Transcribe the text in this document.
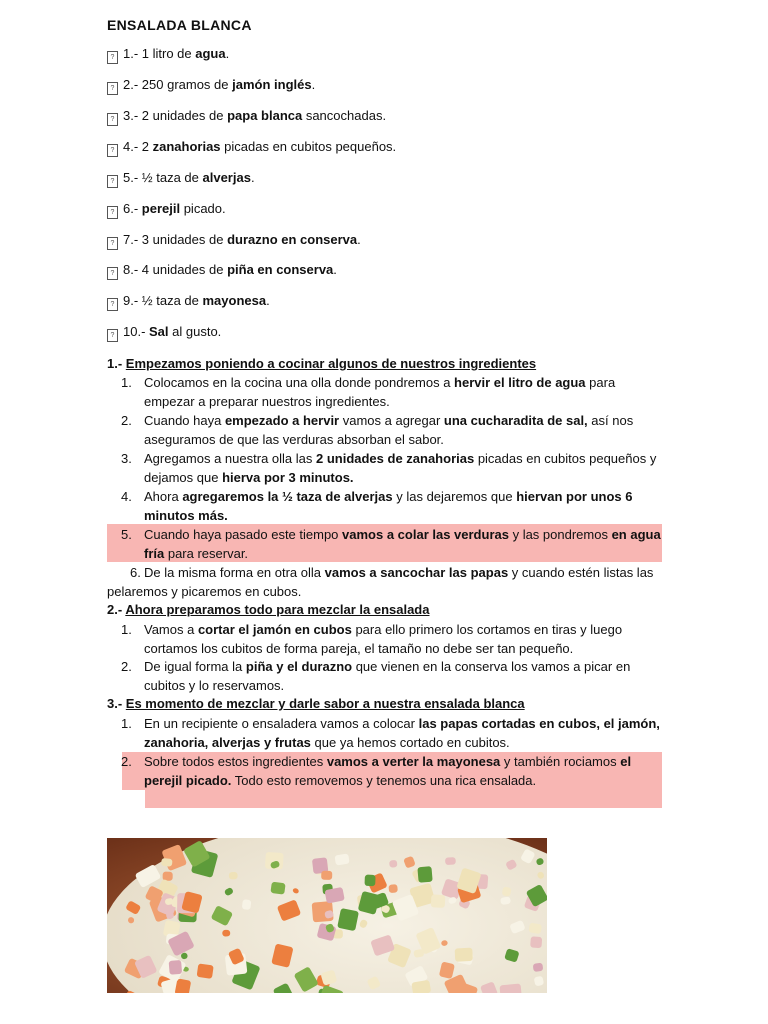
ENSALADA BLANCA
? 1.- 1 litro de agua.
? 2.- 250 gramos de jamón inglés.
? 3.- 2 unidades de papa blanca sancochadas.
? 4.- 2 zanahorias picadas en cubitos pequeños.
? 5.- ½ taza de alverjas.
? 6.- perejil picado.
? 7.- 3 unidades de durazno en conserva.
? 8.- 4 unidades de piña en conserva.
? 9.- ½ taza de mayonesa.
? 10.- Sal al gusto.
1.- Empezamos poniendo a cocinar algunos de nuestros ingredientes
1. Colocamos en la cocina una olla donde pondremos a hervir el litro de agua para empezar a preparar nuestros ingredientes.
2. Cuando haya empezado a hervir vamos a agregar una cucharadita de sal, así nos aseguramos de que las verduras absorban el sabor.
3. Agregamos a nuestra olla las 2 unidades de zanahorias picadas en cubitos pequeños y dejamos que hierva por 3 minutos.
4. Ahora agregaremos la ½ taza de alverjas y las dejaremos que hiervan por unos 6 minutos más.
5. Cuando haya pasado este tiempo vamos a colar las verduras y las pondremos en agua fría para reservar.
6. De la misma forma en otra olla vamos a sancochar las papas y cuando estén listas las pelaremos y picaremos en cubos.
2.- Ahora preparamos todo para mezclar la ensalada
1. Vamos a cortar el jamón en cubos para ello primero los cortamos en tiras y luego cortamos los cubitos de forma pareja, el tamaño no debe ser tan pequeño.
2. De igual forma la piña y el durazno que vienen en la conserva los vamos a picar en cubitos y lo reservamos.
3.- Es momento de mezclar y darle sabor a nuestra ensalada blanca
1. En un recipiente o ensaladera vamos a colocar las papas cortadas en cubos, el jamón, zanahoria, alverjas y frutas que ya hemos cortado en cubitos.
2. Sobre todos estos ingredientes vamos a verter la mayonesa y también rociamos el perejil picado. Todo esto removemos y tenemos una rica ensalada.
